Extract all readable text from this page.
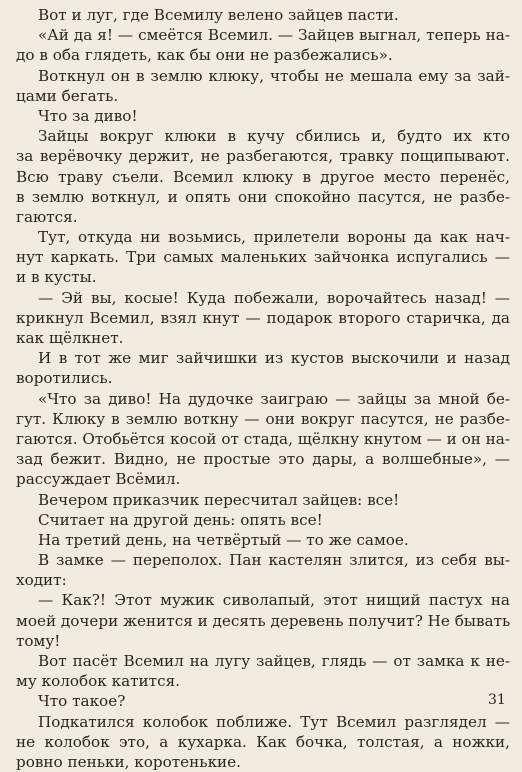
Вот и луг, где Всемилу велено зайцев пасти.
«Ай да я! — смеётся Всемил. — Зайцев выгнал, теперь на-
до в оба глядеть, как бы они не разбежались».
Воткнул он в землю клюку, чтобы не мешала ему за зай-
цами бегать.
Что за диво!
Зайцы вокруг клюки в кучу сбились и, будто их кто
за верёвочку держит, не разбегаются, травку пощипывают.
Всю траву съели. Всемил клюку в другое место перенёс,
в землю воткнул, и опять они спокойно пасутся, не разбе-
гаются.
Тут, откуда ни возьмись, прилетели вороны да как нач-
нут каркать. Три самых маленьких зайчонка испугались —
и в кусты.
— Эй вы, косые! Куда побежали, ворочайтесь назад! —
крикнул Всемил, взял кнут — подарок второго старичка, да
как щёлкнет.
И в тот же миг зайчишки из кустов выскочили и назад
воротились.
«Что за диво! На дудочке заиграю — зайцы за мной бе-
гут. Клюку в землю воткну — они вокруг пасутся, не разбе-
гаются. Отобьётся косой от стада, щёлкну кнутом — и он на-
зад бежит. Видно, не простые это дары, а волшебные», —
рассуждает Всёмил.
Вечером приказчик пересчитал зайцев: все!
Считает на другой день: опять все!
На третий день, на четвёртый — то же самое.
В замке — переполох. Пан кастелян злится, из себя вы-
ходит:
— Как?! Этот мужик сиволапый, этот нищий пастух на
моей дочери женится и десять деревень получит? Не бывать
тому!
Вот пасёт Всемил на лугу зайцев, глядь — от замка к не-
му колобок катится.
Что такое?
Подкатился колобок поближе. Тут Всемил разглядел —
не колобок это, а кухарка. Как бочка, толстая, а ножки,
ровно пеньки, коротенькие.
31
